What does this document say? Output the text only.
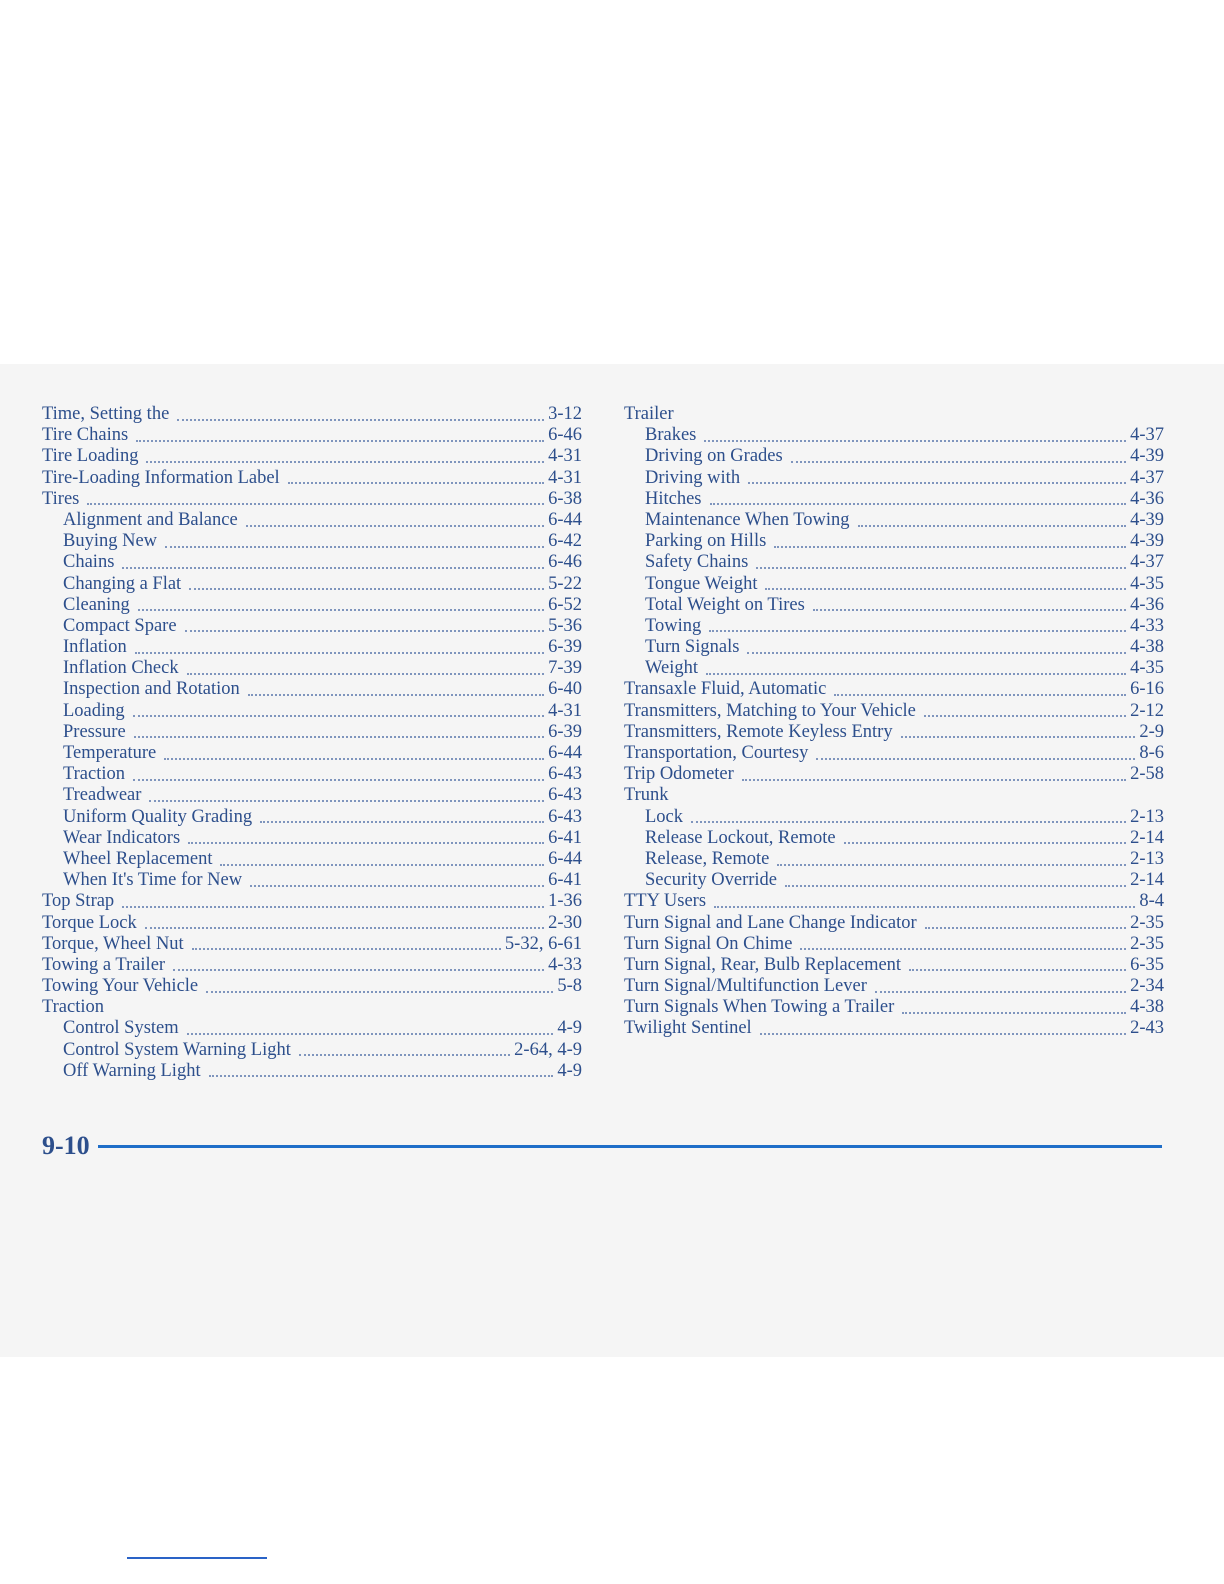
Time, Setting the	3-12
Tire Chains	6-46
Tire Loading	4-31
Tire-Loading Information Label	4-31
Tires	6-38
Alignment and Balance	6-44
Buying New	6-42
Chains	6-46
Changing a Flat	5-22
Cleaning	6-52
Compact Spare	5-36
Inflation	6-39
Inflation Check	7-39
Inspection and Rotation	6-40
Loading	4-31
Pressure	6-39
Temperature	6-44
Traction	6-43
Treadwear	6-43
Uniform Quality Grading	6-43
Wear Indicators	6-41
Wheel Replacement	6-44
When It's Time for New	6-41
Top Strap	1-36
Torque Lock	2-30
Torque, Wheel Nut	5-32, 6-61
Towing a Trailer	4-33
Towing Your Vehicle	5-8
Traction
Control System	4-9
Control System Warning Light	2-64, 4-9
Off Warning Light	4-9
Trailer
Brakes	4-37
Driving on Grades	4-39
Driving with	4-37
Hitches	4-36
Maintenance When Towing	4-39
Parking on Hills	4-39
Safety Chains	4-37
Tongue Weight	4-35
Total Weight on Tires	4-36
Towing	4-33
Turn Signals	4-38
Weight	4-35
Transaxle Fluid, Automatic	6-16
Transmitters, Matching to Your Vehicle	2-12
Transmitters, Remote Keyless Entry	2-9
Transportation, Courtesy	8-6
Trip Odometer	2-58
Trunk
Lock	2-13
Release Lockout, Remote	2-14
Release, Remote	2-13
Security Override	2-14
TTY Users	8-4
Turn Signal and Lane Change Indicator	2-35
Turn Signal On Chime	2-35
Turn Signal, Rear, Bulb Replacement	6-35
Turn Signal/Multifunction Lever	2-34
Turn Signals When Towing a Trailer	4-38
Twilight Sentinel	2-43
9-10
